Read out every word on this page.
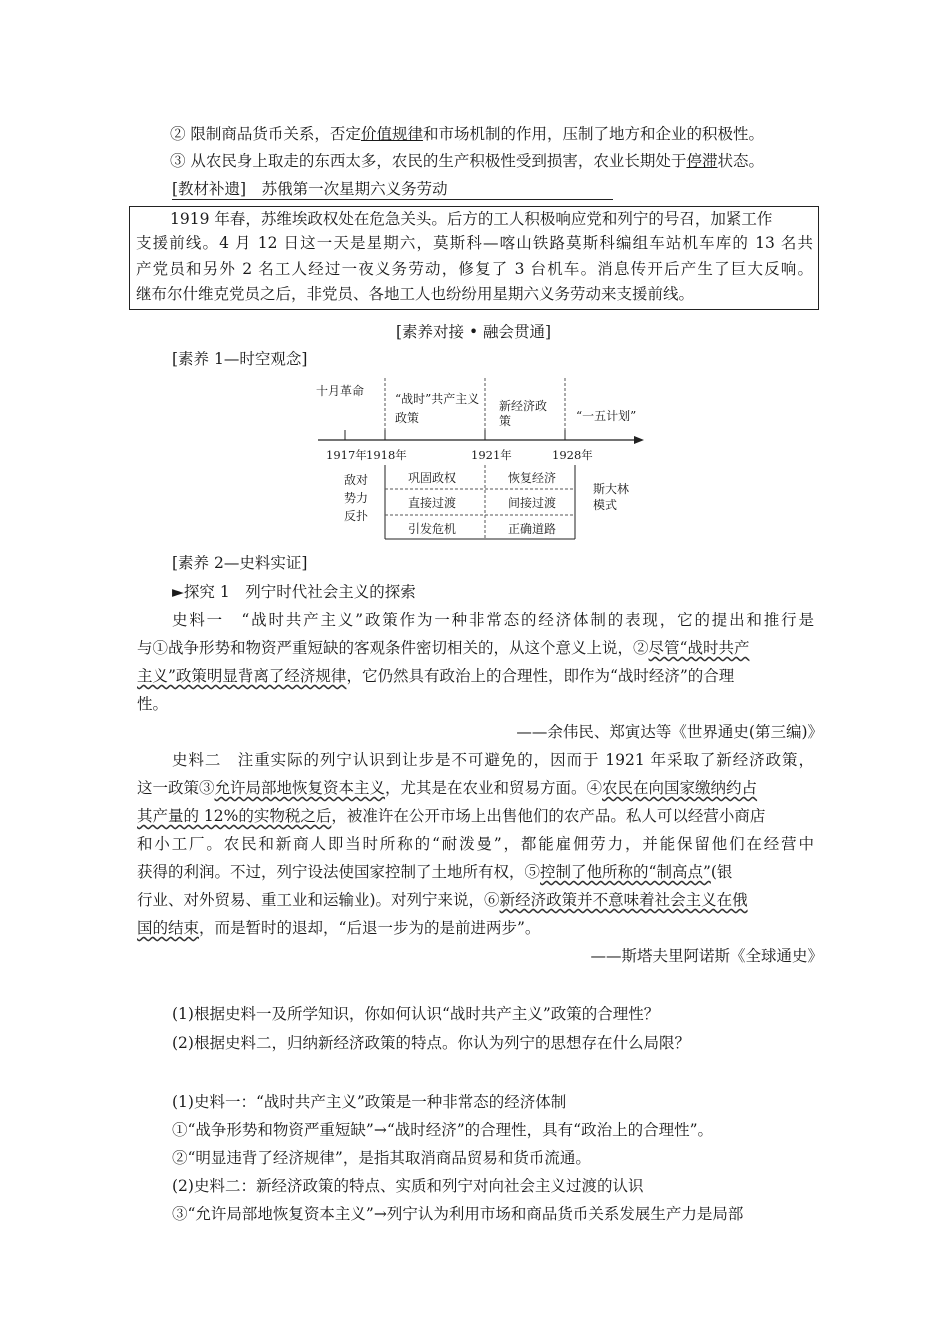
② 限制商品货币关系，否定价值规律和市场机制的作用，压制了地方和企业的积极性。
③ 从农民身上取走的东西太多，农民的生产积极性受到损害，农业长期处于停滞状态。
[教材补遗]　苏俄第一次星期六义务劳动
1919 年春，苏维埃政权处在危急关头。后方的工人积极响应党和列宁的号召，加紧工作
支援前线。4 月 12 日这一天是星期六，莫斯科—喀山铁路莫斯科编组车站机车库的 13 名共
产党员和另外 2 名工人经过一夜义务劳动，修复了 3 台机车。消息传开后产生了巨大反响。
继布尔什维克党员之后，非党员、各地工人也纷纷用星期六义务劳动来支援前线。
[素养对接 • 融会贯通]
[素养 1—时空观念]
十月革命
“战时”共产主义
政策
新经济政
策	“一五计划”
1917年 1918年	1921年	1928年
敌对
势力
反扑
巩固政权	恢复经济
直接过渡	间接过渡
引发危机	正确道路
斯大林
模式
[素养 2—史料实证]
►探究 1　列宁时代社会主义的探索
史料一　“战时共产主义”政策作为一种非常态的经济体制的表现，它的提出和推行是
与①战争形势和物资严重短缺的客观条件密切相关的，从这个意义上说，②尽管“战时共产
主义”政策明显背离了经济规律，它仍然具有政治上的合理性，即作为“战时经济”的合理
性。
——余伟民、郑寅达等《世界通史(第三编)》
史料二　注重实际的列宁认识到让步是不可避免的，因而于 1921 年采取了新经济政策，
这一政策③允许局部地恢复资本主义，尤其是在农业和贸易方面。④农民在向国家缴纳约占
其产量的 12%的实物税之后，被准许在公开市场上出售他们的农产品。私人可以经营小商店
和小工厂。农民和新商人即当时所称的“耐泼曼”，都能雇佣劳力，并能保留他们在经营中
获得的利润。不过，列宁设法使国家控制了土地所有权，⑤控制了他所称的“制高点”(银
行业、对外贸易、重工业和运输业)。对列宁来说，⑥新经济政策并不意味着社会主义在俄
国的结束，而是暂时的退却，“后退一步为的是前进两步”。
——斯塔夫里阿诺斯《全球通史》
(1)根据史料一及所学知识，你如何认识“战时共产主义”政策的合理性？
(2)根据史料二，归纳新经济政策的特点。你认为列宁的思想存在什么局限？
(1)史料一：“战时共产主义”政策是一种非常态的经济体制
①“战争形势和物资严重短缺”→“战时经济”的合理性，具有“政治上的合理性”。
②“明显违背了经济规律”，是指其取消商品贸易和货币流通。
(2)史料二：新经济政策的特点、实质和列宁对向社会主义过渡的认识
③“允许局部地恢复资本主义”→列宁认为利用市场和商品货币关系发展生产力是局部
